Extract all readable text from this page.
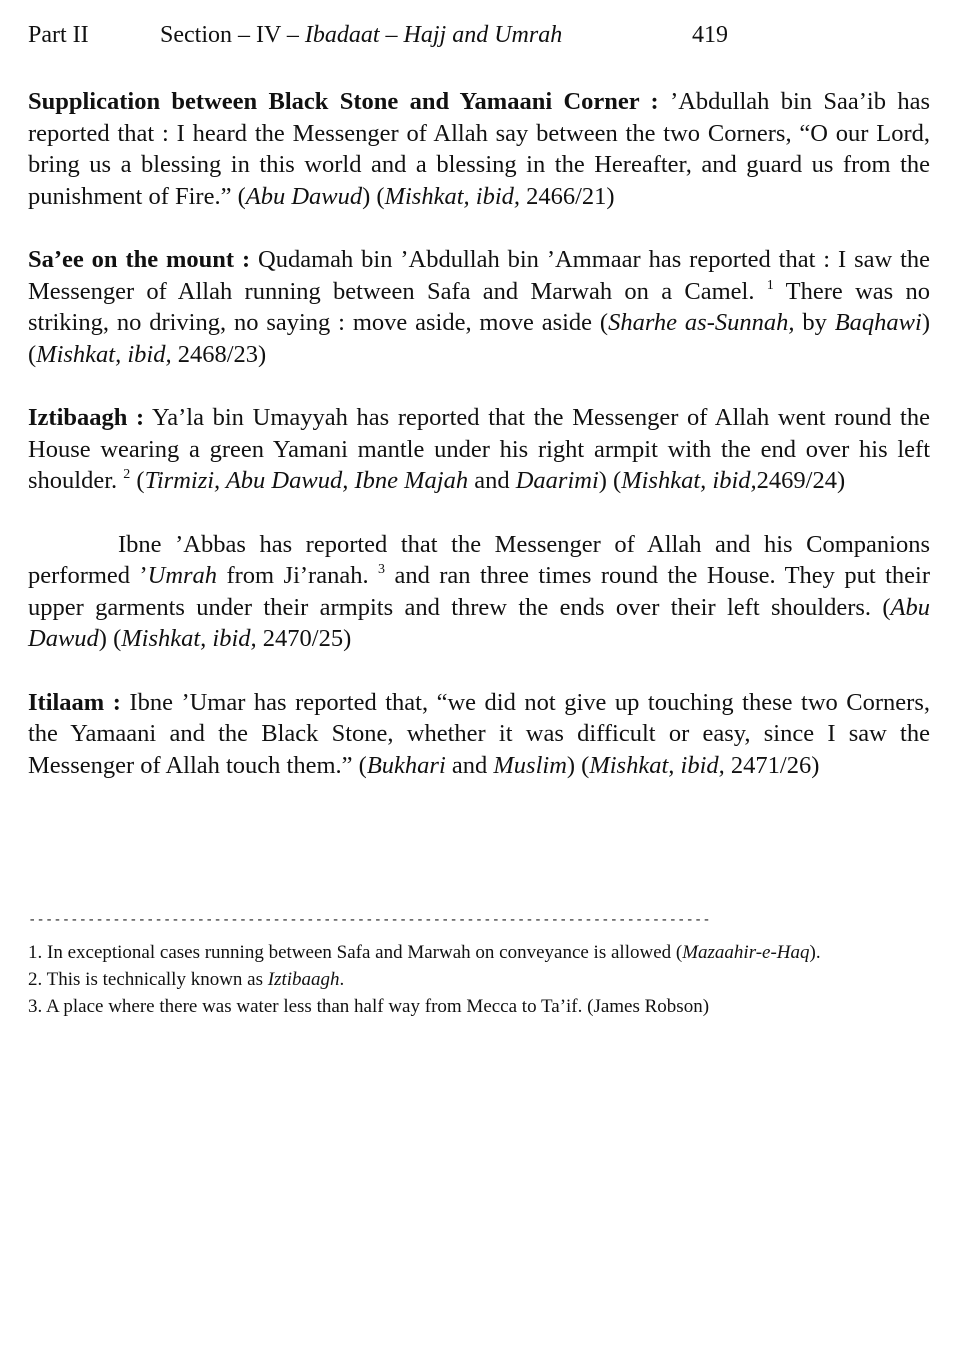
Part II	Section – IV – Ibadaat – Hajj and Umrah	419

Supplication between Black Stone and Yamaani Corner : ’Abdullah bin Saa’ib has reported that : I heard the Messenger of Allah say between the two Corners, “O our Lord, bring us a blessing in this world and a blessing in the Hereafter, and guard us from the punishment of Fire.” (Abu Dawud) (Mishkat, ibid, 2466/21)

Sa’ee on the mount : Qudamah bin ’Abdullah bin ’Ammaar has reported that : I saw the Messenger of Allah running between Safa and Marwah on a Camel. $^1$ There was no striking, no driving, no saying : move aside, move aside (Sharhe as-Sunnah, by Baqhawi) (Mishkat, ibid, 2468/23)

Iztibaagh : Ya’la bin Umayyah has reported that the Messenger of Allah went round the House wearing a green Yamani mantle under his right armpit with the end over his left shoulder. $^2$ (Tirmizi, Abu Dawud, Ibne Majah and Daarimi) (Mishkat, ibid,2469/24)

Ibne ’Abbas has reported that the Messenger of Allah and his Companions performed ’Umrah from Ji’ranah. $^3$ and ran three times round the House. They put their upper garments under their armpits and threw the ends over their left shoulders. (Abu Dawud) (Mishkat, ibid, 2470/25)

Itilaam : Ibne ’Umar has reported that, “we did not give up touching these two Corners, the Yamaani and the Black Stone, whether it was difficult or easy, since I saw the Messenger of Allah touch them.” (Bukhari and Muslim) (Mishkat, ibid, 2471/26)

---------------------------------------------------------------------------------
1. In exceptional cases running between Safa and Marwah on conveyance is allowed (Mazaahir-e-Haq).
2. This is technically known as Iztibaagh.
3. A place where there was water less than half way from Mecca to Ta’if. (James Robson)
